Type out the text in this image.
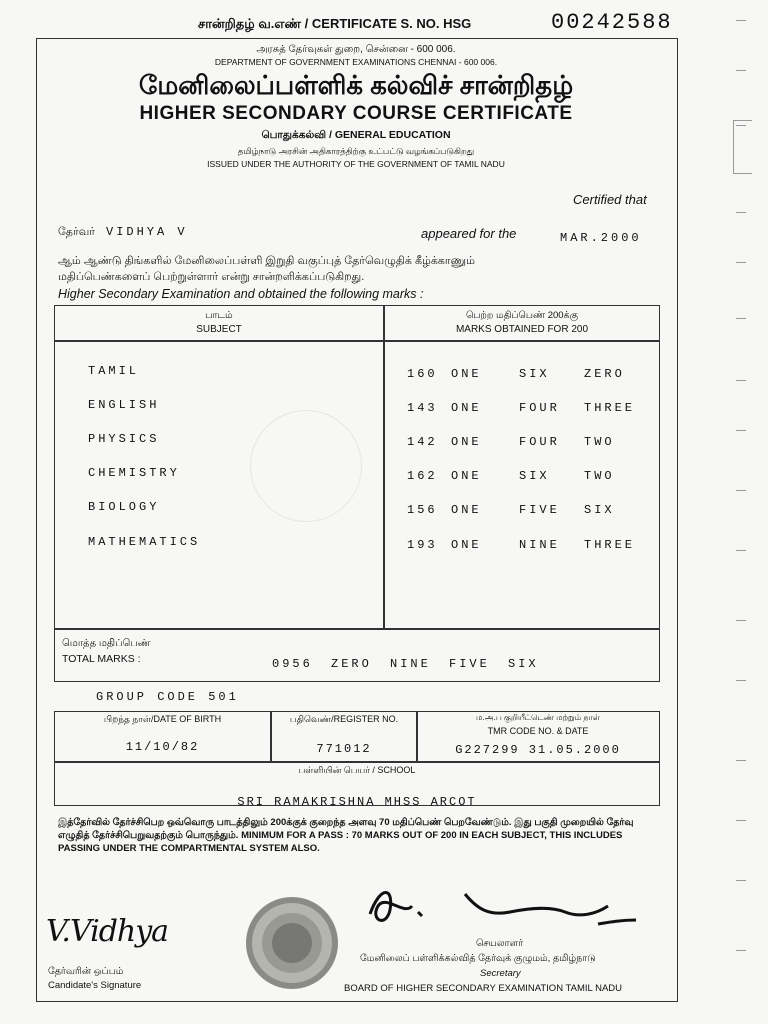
சான்றிதழ் வ.எண் / CERTIFICATE S. NO. HSG	00242588
அரசுத் தேர்வுகள் துறை, சென்னை - 600 006.
DEPARTMENT OF GOVERNMENT EXAMINATIONS CHENNAI - 600 006.
மேனிலைப்பள்ளிக் கல்விச் சான்றிதழ்
HIGHER SECONDARY COURSE CERTIFICATE
பொதுக்கல்வி / GENERAL EDUCATION
தமிழ்நாடு அரசின் அதிகாரத்திற்கு உட்பட்டு வழங்கப்படுகிறது
ISSUED UNDER THE AUTHORITY OF THE GOVERNMENT OF TAMIL NADU
Certified that
தேர்வர் VIDHYA V	appeared for the	MAR.2000
ஆம் ஆண்டு திங்களில் மேனிலைப்பள்ளி இறுதி வகுப்புத் தேர்வெழுதிக் கீழ்க்காணும்
மதிப்பெண்களைப் பெற்றுள்ளார் என்று சான்றளிக்கப்படுகிறது.
Higher Secondary Examination and obtained the following marks :
பாடம்
SUBJECT
பெற்ற மதிப்பெண் 200க்கு
MARKS OBTAINED FOR 200
TAMIL	160 ONE	SIX	ZERO
ENGLISH	143 ONE	FOUR THREE
PHYSICS	142 ONE	FOUR TWO
CHEMISTRY	162 ONE	SIX	TWO
BIOLOGY	156 ONE	FIVE SIX
MATHEMATICS	193 ONE	NINE THREE
மொத்த மதிப்பெண்
TOTAL MARKS :	0956 ZERO NINE FIVE SIX
GROUP CODE 501
பிறந்த நாள்/DATE OF BIRTH
11/10/82
பதிவெண்/REGISTER NO.
771012
ம.அ.ப குறியீட்டெண் மற்றும் நாள்
TMR CODE NO. & DATE
G227299 31.05.2000
பள்ளியின் பெயர் / SCHOOL
SRI RAMAKRISHNA MHSS ARCOT
இத்தேர்வில் தேர்ச்சிபெற ஒவ்வொரு பாடத்திலும் 200க்குக் குறைந்த அளவு 70 மதிப்பெண் பெறவேண்டும். இது பகுதி முறையில் தேர்வு எழுதித் தேர்ச்சிபெறுவதற்கும் பொருந்தும். MINIMUM FOR A PASS : 70 MARKS OUT OF 200 IN EACH SUBJECT, THIS INCLUDES PASSING UNDER THE COMPARTMENTAL SYSTEM ALSO.
V.Vidhya
தேர்வரின் ஒப்பம்
Candidate's Signature
செயலாளர்
மேனிலைப் பள்ளிக்கல்வித் தேர்வுக் குழுமம், தமிழ்நாடு
Secretary
BOARD OF HIGHER SECONDARY EXAMINATION TAMIL NADU
